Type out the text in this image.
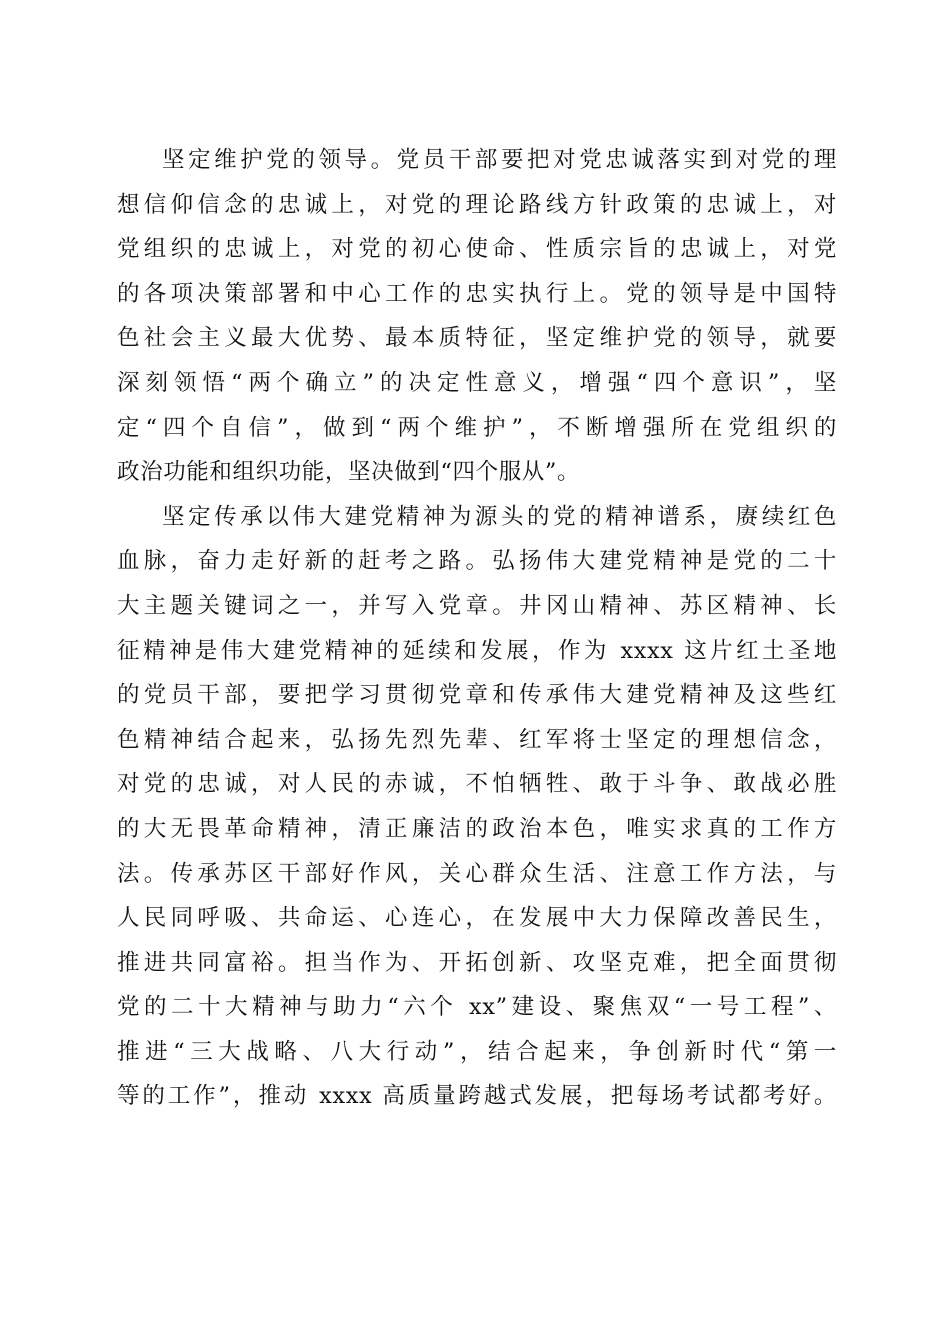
坚定维护党的领导。党员干部要把对党忠诚落实到对党的理
想信仰信念的忠诚上，对党的理论路线方针政策的忠诚上，对
党组织的忠诚上，对党的初心使命、性质宗旨的忠诚上，对党
的各项决策部署和中心工作的忠实执行上。党的领导是中国特
色社会主义最大优势、最本质特征，坚定维护党的领导，就要
深刻领悟“两个确立”的决定性意义，增强“四个意识”，坚
定“四个自信”，做到“两个维护”，不断增强所在党组织的
政治功能和组织功能，坚决做到“四个服从”。

坚定传承以伟大建党精神为源头的党的精神谱系，赓续红色
血脉，奋力走好新的赶考之路。弘扬伟大建党精神是党的二十
大主题关键词之一，并写入党章。井冈山精神、苏区精神、长
征精神是伟大建党精神的延续和发展，作为 xxxx 这片红土圣地
的党员干部，要把学习贯彻党章和传承伟大建党精神及这些红
色精神结合起来，弘扬先烈先辈、红军将士坚定的理想信念，
对党的忠诚，对人民的赤诚，不怕牺牲、敢于斗争、敢战必胜
的大无畏革命精神，清正廉洁的政治本色，唯实求真的工作方
法。传承苏区干部好作风，关心群众生活、注意工作方法，与
人民同呼吸、共命运、心连心，在发展中大力保障改善民生，
推进共同富裕。担当作为、开拓创新、攻坚克难，把全面贯彻
党的二十大精神与助力“六个 xx”建设、聚焦双“一号工程”、
推进“三大战略、八大行动”，结合起来，争创新时代“第一
等的工作”，推动 xxxx 高质量跨越式发展，把每场考试都考好。
